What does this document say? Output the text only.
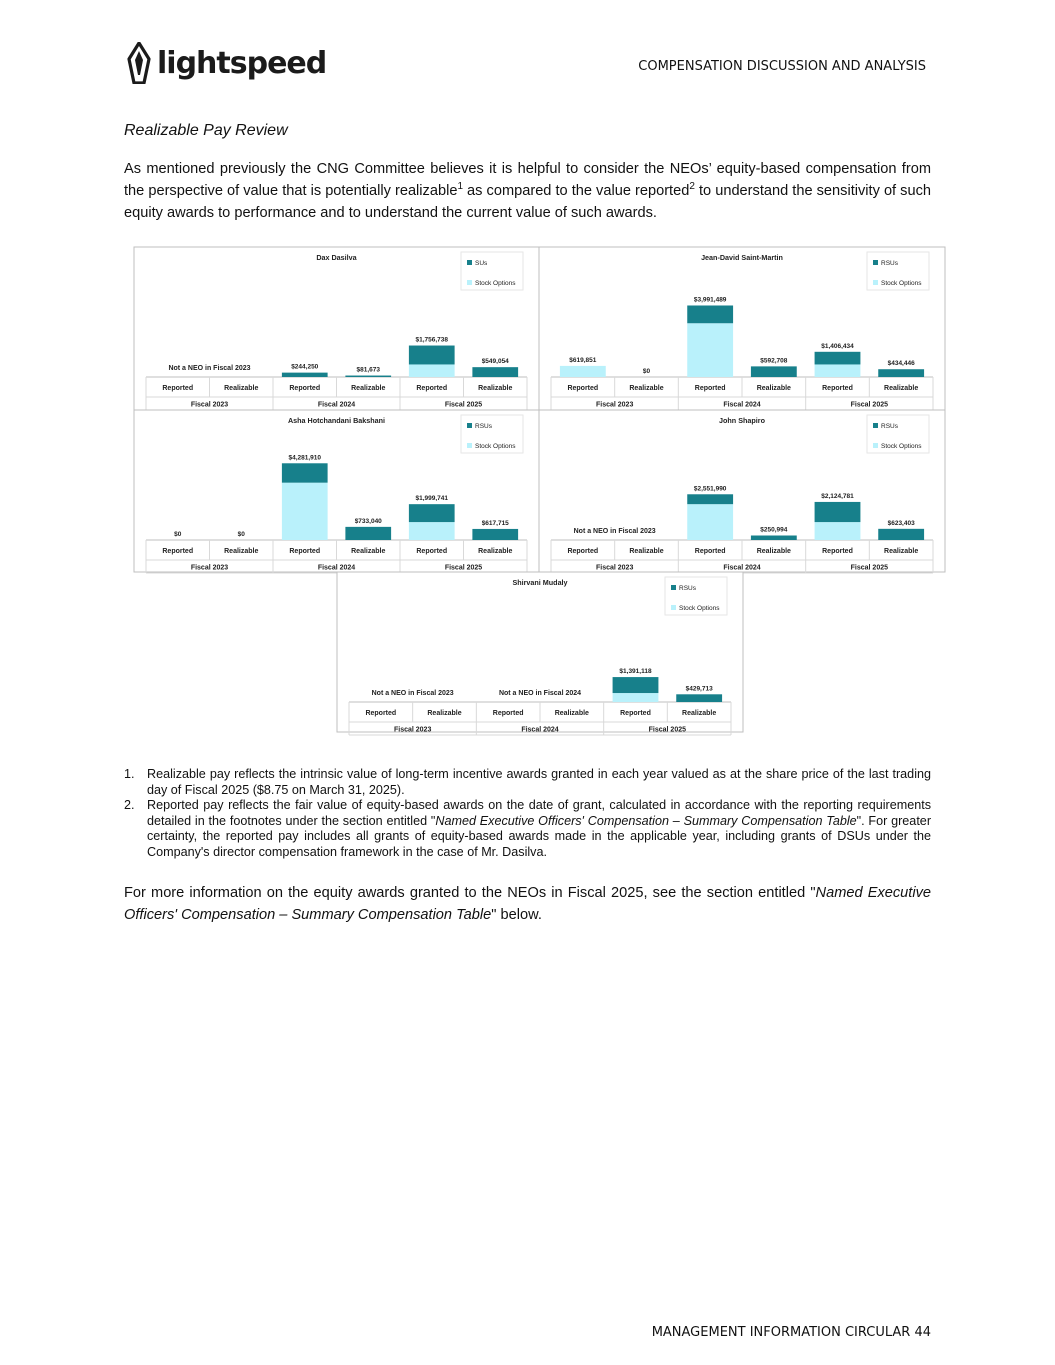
lightspeed	COMPENSATION DISCUSSION AND ANALYSIS
Realizable Pay Review
As mentioned previously the CNG Committee believes it is helpful to consider the NEOs’ equity-based compensation from the perspective of value that is potentially realizable$^1$ as compared to the value reported$^2$ to understand the sensitivity of such equity awards to performance and to understand the current value of such awards.
Dax Dasilva
SUs
Stock Options
Reported	Realizable	Reported	Realizable	Reported	Realizable
Fiscal 2023	Fiscal 2024	Fiscal 2025
$244,250	$81,673
$1,756,738
$549,054
Not a NEO in Fiscal 2023
Jean-David Saint-Martin
RSUs
Stock Options
Reported	Realizable	Reported	Realizable	Reported	Realizable
Fiscal 2023	Fiscal 2024	Fiscal 2025
$619,851
$0
$3,991,489
$592,708
$1,406,434
$434,446
Asha Hotchandani Bakshani
RSUs
Stock Options
Reported	Realizable	Reported	Realizable	Reported	Realizable
Fiscal 2023	Fiscal 2024	Fiscal 2025
$0	$0
$4,281,910
$733,040
$1,999,741
$617,715
John Shapiro
RSUs
Stock Options
Reported	Realizable	Reported	Realizable	Reported	Realizable
Fiscal 2023	Fiscal 2024	Fiscal 2025
$2,551,990
$250,994
$2,124,781
$623,403
Not a NEO in Fiscal 2023
Shirvani Mudaly
RSUs
Stock Options
Reported	Realizable	Reported	Realizable	Reported	Realizable
Fiscal 2023	Fiscal 2024	Fiscal 2025
$1,391,118
$429,713
Not a NEO in Fiscal 2023	Not a NEO in Fiscal 2024
1. Realizable pay reflects the intrinsic value of long-term incentive awards granted in each year valued as at the share price of the last trading day of Fiscal 2025 ($8.75 on March 31, 2025).
2. Reported pay reflects the fair value of equity-based awards on the date of grant, calculated in accordance with the reporting requirements detailed in the footnotes under the section entitled "Named Executive Officers' Compensation – Summary Compensation Table". For greater certainty, the reported pay includes all grants of equity-based awards made in the applicable year, including grants of DSUs under the Company's director compensation framework in the case of Mr. Dasilva.
For more information on the equity awards granted to the NEOs in Fiscal 2025, see the section entitled "Named Executive Officers' Compensation – Summary Compensation Table" below.
MANAGEMENT INFORMATION CIRCULAR 44
